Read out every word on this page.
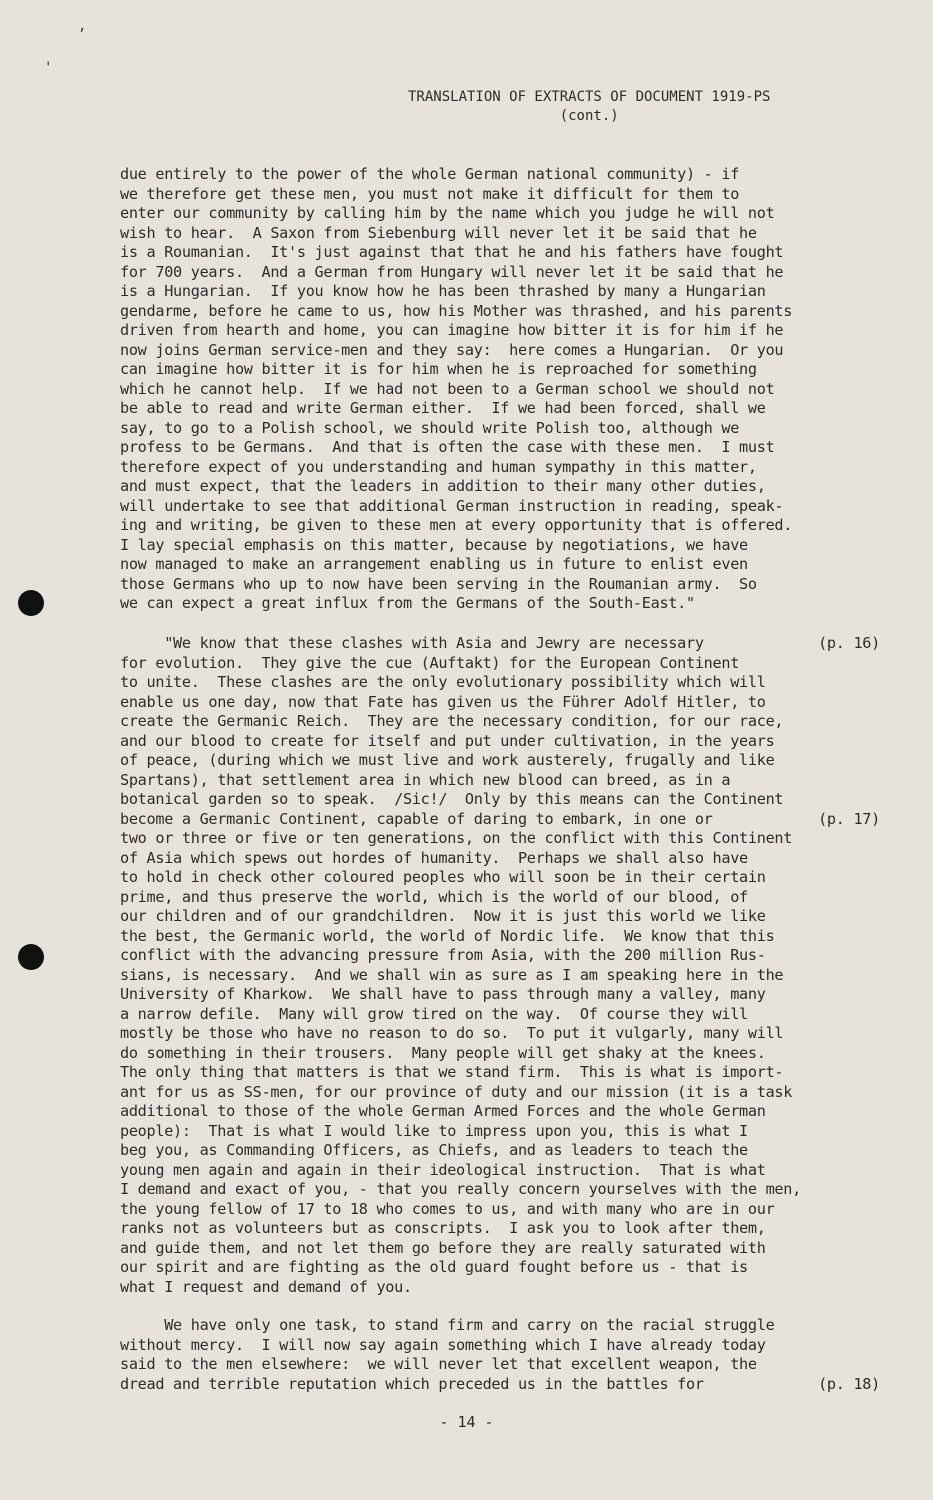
,
'
TRANSLATION OF EXTRACTS OF DOCUMENT 1919-PS
(cont.)
due entirely to the power of the whole German national community) - if
we therefore get these men, you must not make it difficult for them to
enter our community by calling him by the name which you judge he will not
wish to hear.  A Saxon from Siebenburg will never let it be said that he
is a Roumanian.  It's just against that that he and his fathers have fought
for 700 years.  And a German from Hungary will never let it be said that he
is a Hungarian.  If you know how he has been thrashed by many a Hungarian
gendarme, before he came to us, how his Mother was thrashed, and his parents
driven from hearth and home, you can imagine how bitter it is for him if he
now joins German service-men and they say:  here comes a Hungarian.  Or you
can imagine how bitter it is for him when he is reproached for something
which he cannot help.  If we had not been to a German school we should not
be able to read and write German either.  If we had been forced, shall we
say, to go to a Polish school, we should write Polish too, although we
profess to be Germans.  And that is often the case with these men.  I must
therefore expect of you understanding and human sympathy in this matter,
and must expect, that the leaders in addition to their many other duties,
will undertake to see that additional German instruction in reading, speak-
ing and writing, be given to these men at every opportunity that is offered.
I lay special emphasis on this matter, because by negotiations, we have
now managed to make an arrangement enabling us in future to enlist even
those Germans who up to now have been serving in the Roumanian army.  So
we can expect a great influx from the Germans of the South-East."
(p. 16)
(p. 17)
"We know that these clashes with Asia and Jewry are necessary
for evolution.  They give the cue (Auftakt) for the European Continent
to unite.  These clashes are the only evolutionary possibility which will
enable us one day, now that Fate has given us the Führer Adolf Hitler, to
create the Germanic Reich.  They are the necessary condition, for our race,
and our blood to create for itself and put under cultivation, in the years
of peace, (during which we must live and work austerely, frugally and like
Spartans), that settlement area in which new blood can breed, as in a
botanical garden so to speak.  /Sic!/  Only by this means can the Continent
become a Germanic Continent, capable of daring to embark, in one or
two or three or five or ten generations, on the conflict with this Continent
of Asia which spews out hordes of humanity.  Perhaps we shall also have
to hold in check other coloured peoples who will soon be in their certain
prime, and thus preserve the world, which is the world of our blood, of
our children and of our grandchildren.  Now it is just this world we like
the best, the Germanic world, the world of Nordic life.  We know that this
conflict with the advancing pressure from Asia, with the 200 million Rus-
sians, is necessary.  And we shall win as sure as I am speaking here in the
University of Kharkow.  We shall have to pass through many a valley, many
a narrow defile.  Many will grow tired on the way.  Of course they will
mostly be those who have no reason to do so.  To put it vulgarly, many will
do something in their trousers.  Many people will get shaky at the knees.
The only thing that matters is that we stand firm.  This is what is import-
ant for us as SS-men, for our province of duty and our mission (it is a task
additional to those of the whole German Armed Forces and the whole German
people):  That is what I would like to impress upon you, this is what I
beg you, as Commanding Officers, as Chiefs, and as leaders to teach the
young men again and again in their ideological instruction.  That is what
I demand and exact of you, - that you really concern yourselves with the men,
the young fellow of 17 to 18 who comes to us, and with many who are in our
ranks not as volunteers but as conscripts.  I ask you to look after them,
and guide them, and not let them go before they are really saturated with
our spirit and are fighting as the old guard fought before us - that is
what I request and demand of you.
(p. 18)
We have only one task, to stand firm and carry on the racial struggle
without mercy.  I will now say again something which I have already today
said to the men elsewhere:  we will never let that excellent weapon, the
dread and terrible reputation which preceded us in the battles for
- 14 -
